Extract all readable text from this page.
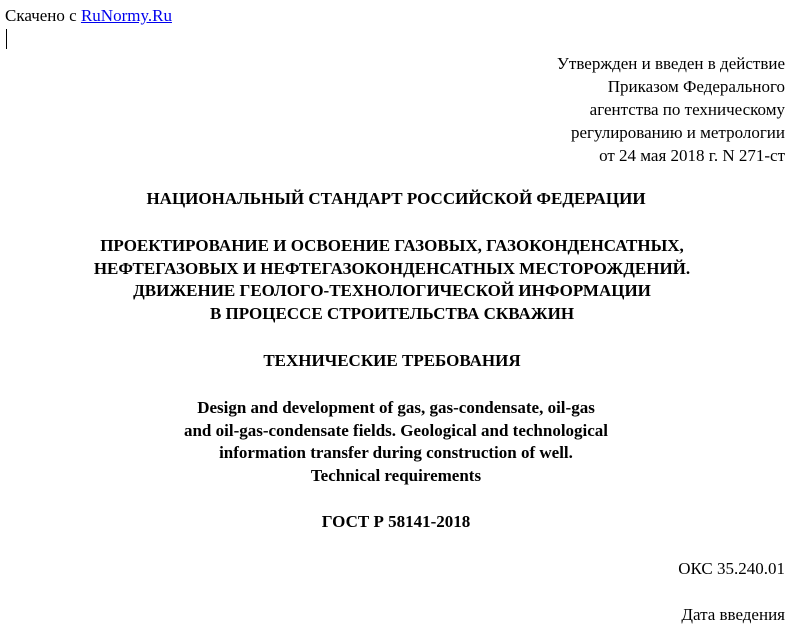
Скачено с RuNormy.Ru
Утвержден и введен в действие
Приказом Федерального
агентства по техническому
регулированию и метрологии
от 24 мая 2018 г. N 271-ст
НАЦИОНАЛЬНЫЙ СТАНДАРТ РОССИЙСКОЙ ФЕДЕРАЦИИ
ПРОЕКТИРОВАНИЕ И ОСВОЕНИЕ ГАЗОВЫХ, ГАЗОКОНДЕНСАТНЫХ,
НЕФТЕГАЗОВЫХ И НЕФТЕГАЗОКОНДЕНСАТНЫХ МЕСТОРОЖДЕНИЙ.
ДВИЖЕНИЕ ГЕОЛОГО-ТЕХНОЛОГИЧЕСКОЙ ИНФОРМАЦИИ
В ПРОЦЕССЕ СТРОИТЕЛЬСТВА СКВАЖИН
ТЕХНИЧЕСКИЕ ТРЕБОВАНИЯ
Design and development of gas, gas-condensate, oil-gas
and oil-gas-condensate fields. Geological and technological
information transfer during construction of well.
Technical requirements
ГОСТ Р 58141-2018
ОКС 35.240.01
Дата введения
